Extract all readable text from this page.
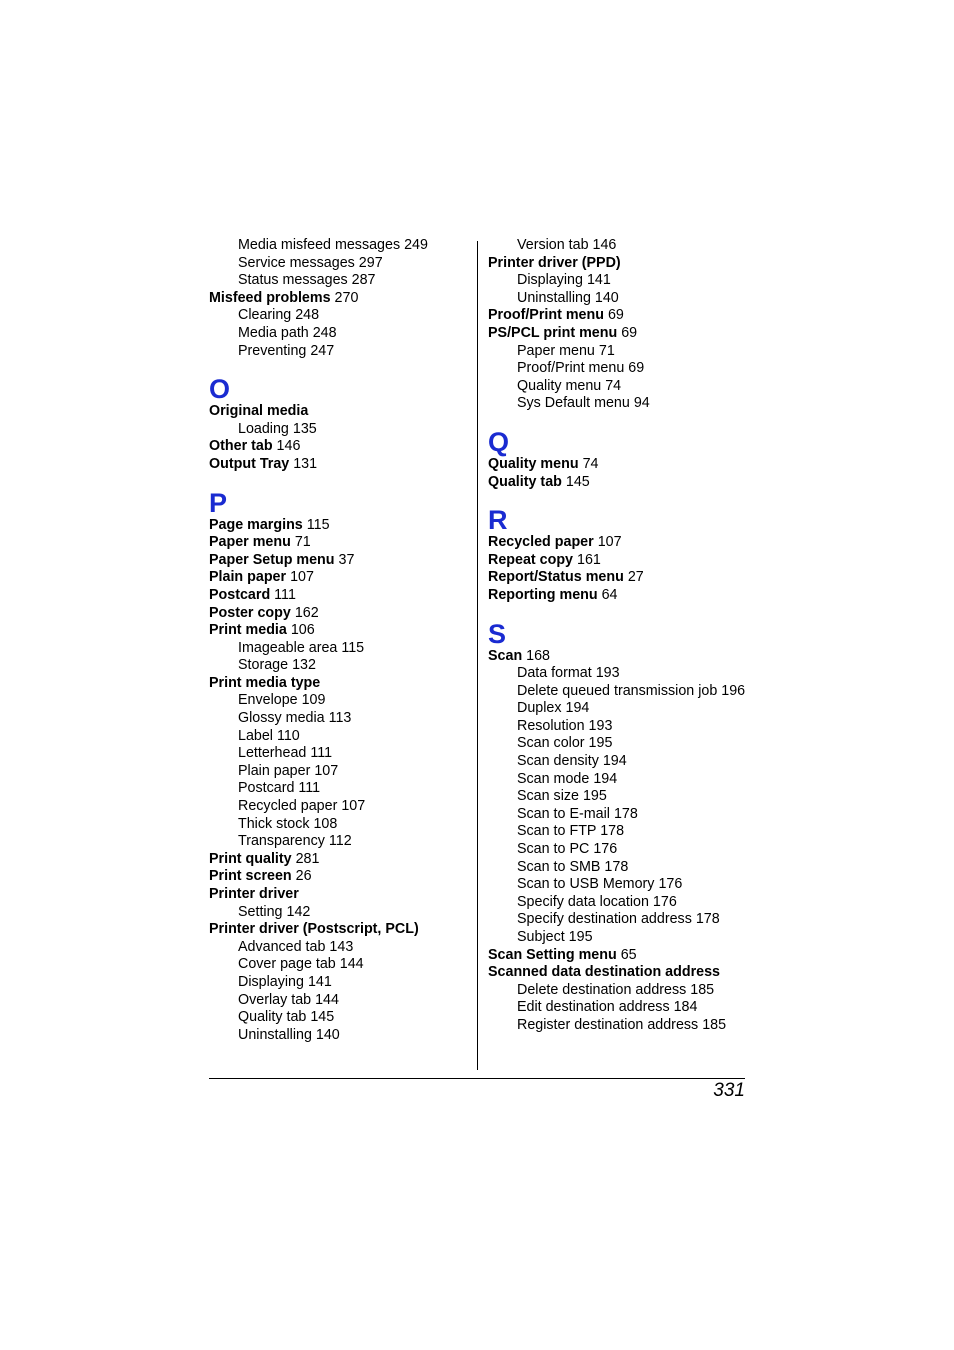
Media misfeed messages 249
Service messages 297
Status messages 287
Misfeed problems 270
Clearing 248
Media path 248
Preventing 247
O
Original media
Loading 135
Other tab 146
Output Tray 131
P
Page margins 115
Paper menu 71
Paper Setup menu 37
Plain paper 107
Postcard 111
Poster copy 162
Print media 106
Imageable area 115
Storage 132
Print media type
Envelope 109
Glossy media 113
Label 110
Letterhead 111
Plain paper 107
Postcard 111
Recycled paper 107
Thick stock 108
Transparency 112
Print quality 281
Print screen 26
Printer driver
Setting 142
Printer driver (Postscript, PCL)
Advanced tab 143
Cover page tab 144
Displaying 141
Overlay tab 144
Quality tab 145
Uninstalling 140
Version tab 146
Printer driver (PPD)
Displaying 141
Uninstalling 140
Proof/Print menu 69
PS/PCL print menu 69
Paper menu 71
Proof/Print menu 69
Quality menu 74
Sys Default menu 94
Q
Quality menu 74
Quality tab 145
R
Recycled paper 107
Repeat copy 161
Report/Status menu 27
Reporting menu 64
S
Scan 168
Data format 193
Delete queued transmission job 196
Duplex 194
Resolution 193
Scan color 195
Scan density 194
Scan mode 194
Scan size 195
Scan to E-mail 178
Scan to FTP 178
Scan to PC 176
Scan to SMB 178
Scan to USB Memory 176
Specify data location 176
Specify destination address 178
Subject 195
Scan Setting menu 65
Scanned data destination address
Delete destination address 185
Edit destination address 184
Register destination address 185
331
